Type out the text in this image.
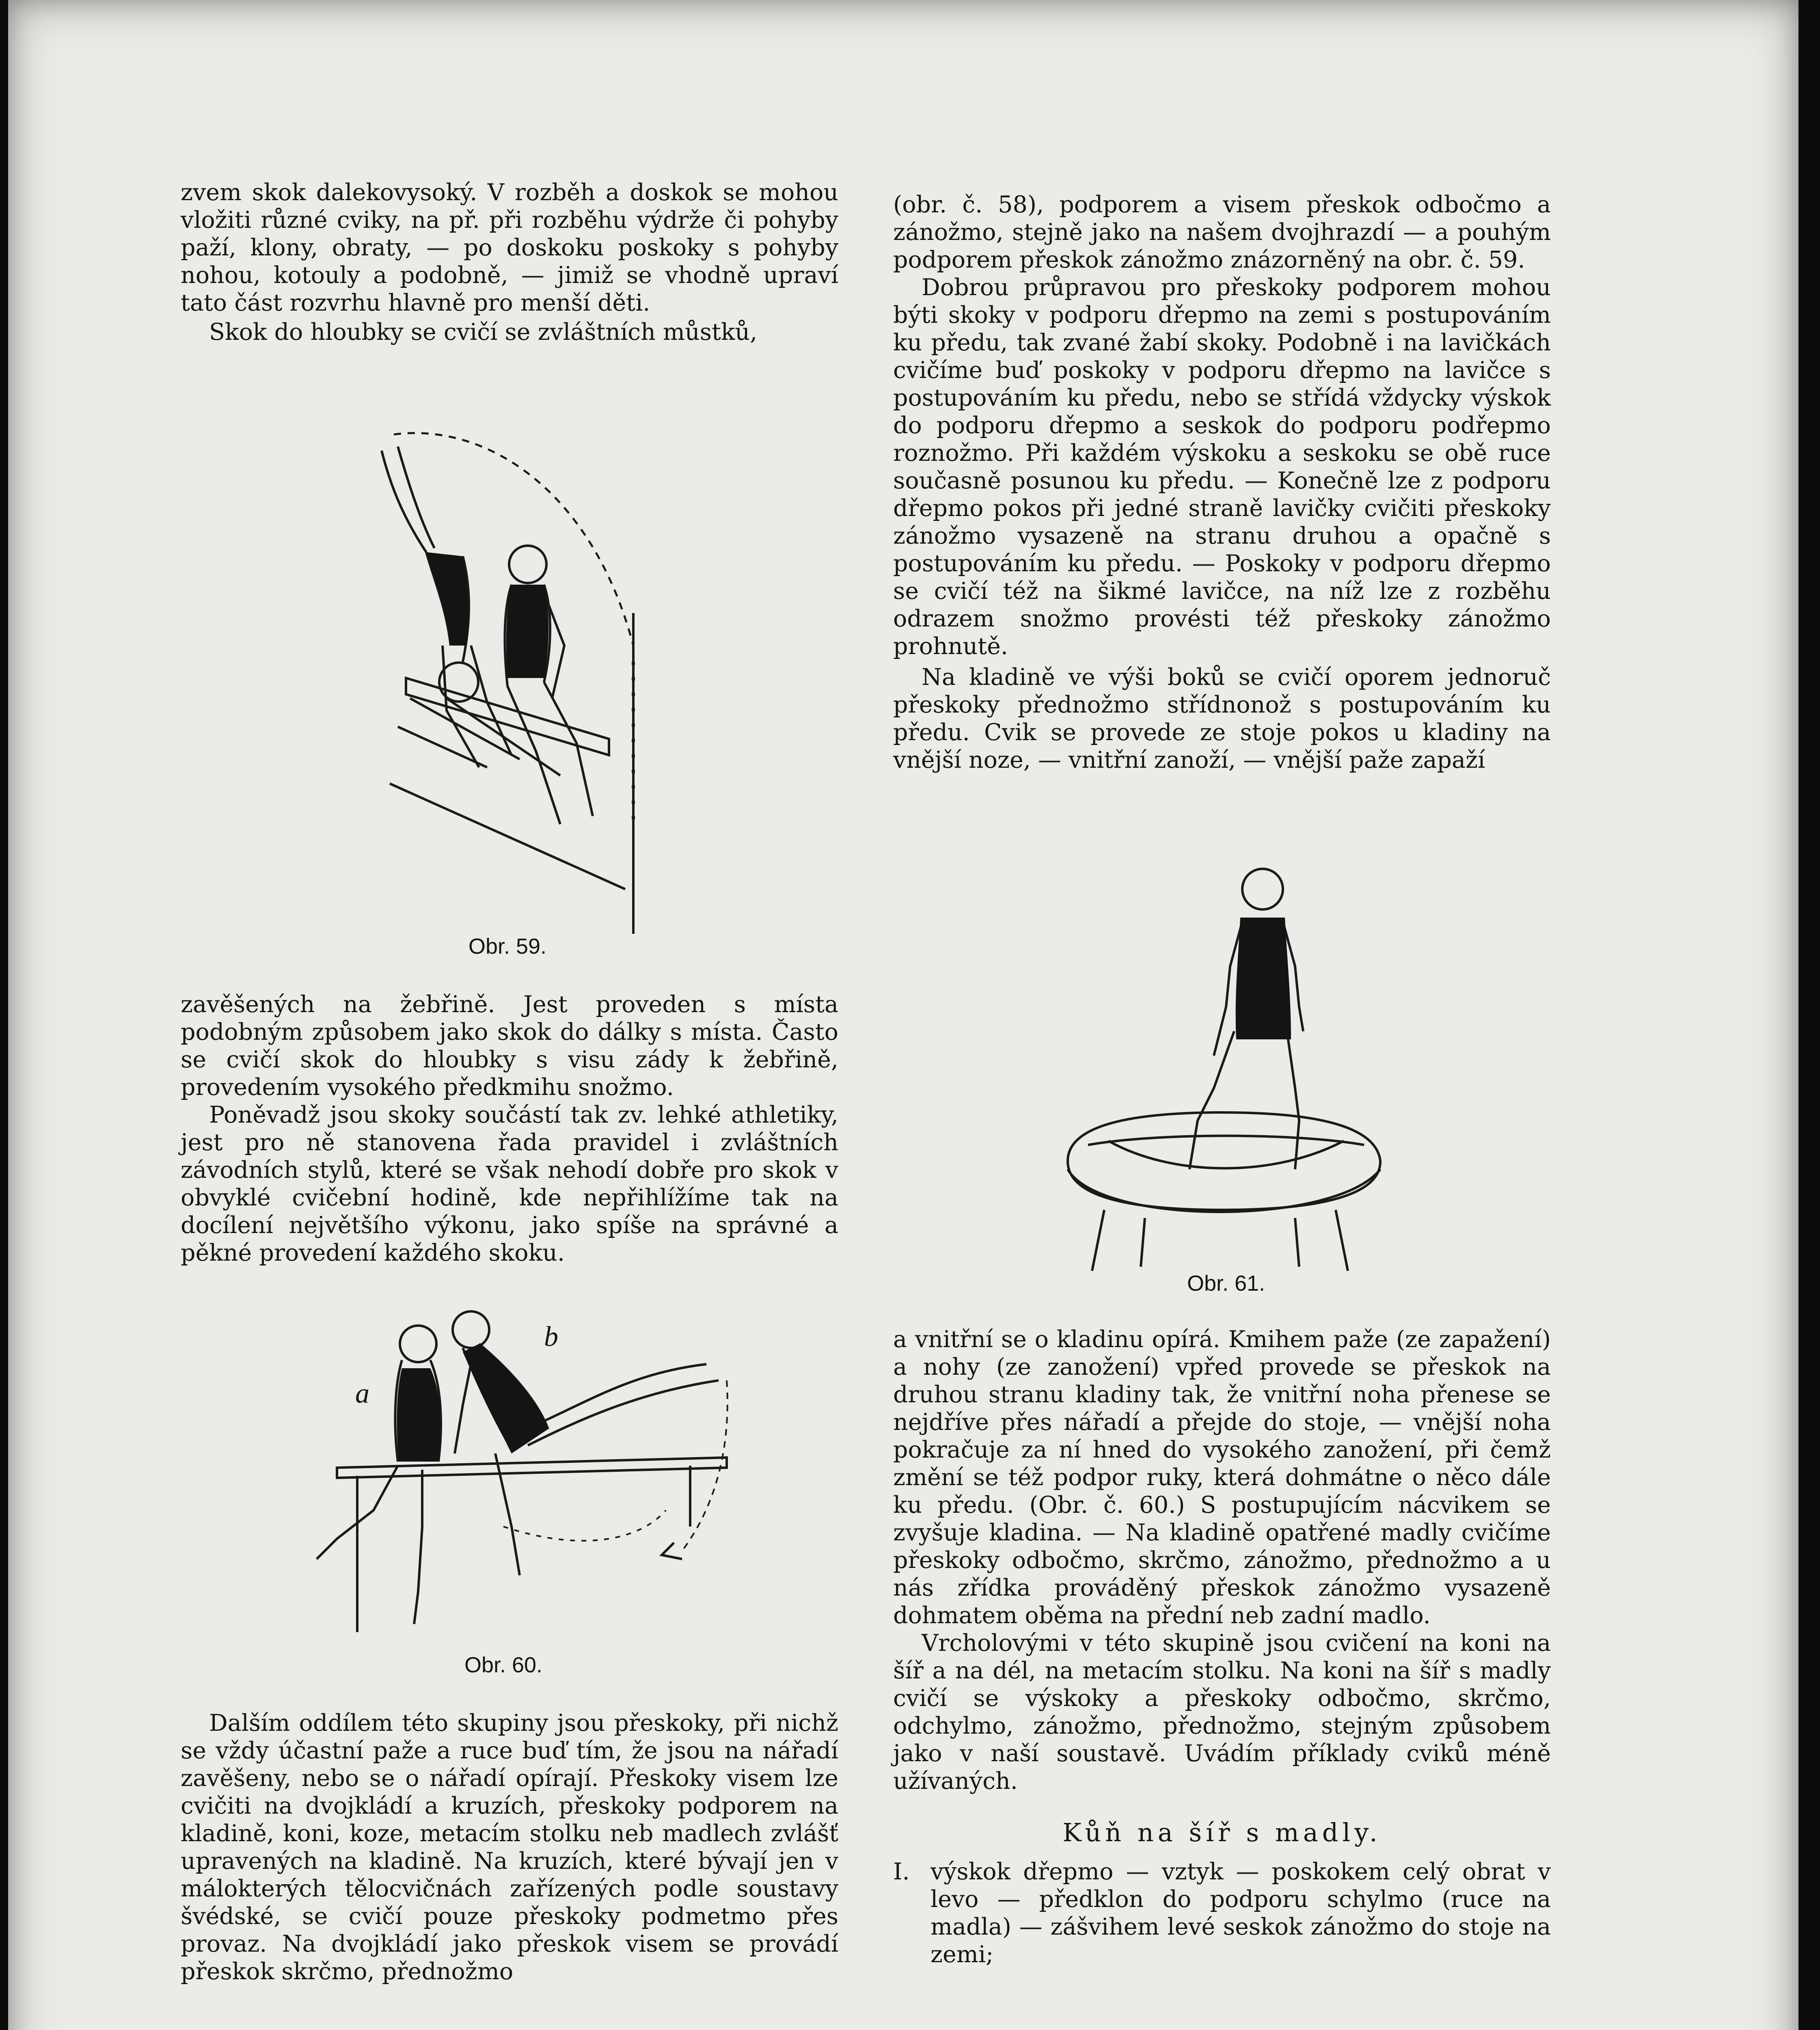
zvem skok dalekovysoký. V rozběh a doskok se mohou vložiti různé cviky, na př. při rozběhu výdrže či pohyby paží, klony, obraty, — po doskoku poskoky s pohyby nohou, kotouly a podobně, — jimiž se vhodně upraví tato část rozvrhu hlavně pro menší děti.

Skok do hloubky se cvičí se zvláštních můstků,

Obr. 59.

zavěšených na žebřině. Jest proveden s místa podobným způsobem jako skok do dálky s místa. Často se cvičí skok do hloubky s visu zády k žebřině, provedením vysokého předkmihu snožmo.

Poněvadž jsou skoky součástí tak zv. lehké athletiky, jest pro ně stanovena řada pravidel i zvláštních závodních stylů, které se však nehodí dobře pro skok v obvyklé cvičební hodině, kde nepřihlížíme tak na docílení největšího výkonu, jako spíše na správné a pěkné provedení každého skoku.

a
b
Obr. 60.

Dalším oddílem této skupiny jsou přeskoky, při nichž se vždy účastní paže a ruce buď tím, že jsou na nářadí zavěšeny, nebo se o nářadí opírají. Přeskoky visem lze cvičiti na dvojkládí a kruzích, přeskoky podporem na kladině, koni, koze, metacím stolku neb madlech zvlášť upravených na kladině. Na kruzích, které bývají jen v málokterých tělocvičnách zařízených podle soustavy švédské, se cvičí pouze přeskoky podmetmo přes provaz. Na dvojkládí jako přeskok visem se provádí přeskok skrčmo, přednožmo

(obr. č. 58), podporem a visem přeskok odbočmo a zánožmo, stejně jako na našem dvojhrazdí — a pouhým podporem přeskok zánožmo znázorněný na obr. č. 59.

Dobrou průpravou pro přeskoky podporem mohou býti skoky v podporu dřepmo na zemi s postupováním ku předu, tak zvané žabí skoky. Podobně i na lavičkách cvičíme buď poskoky v podporu dřepmo na lavičce s postupováním ku předu, nebo se střídá vždycky výskok do podporu dřepmo a seskok do podporu podřepmo roznožmo. Při každém výskoku a seskoku se obě ruce současně posunou ku předu. — Konečně lze z podporu dřepmo pokos při jedné straně lavičky cvičiti přeskoky zánožmo vysazeně na stranu druhou a opačně s postupováním ku předu. — Poskoky v podporu dřepmo se cvičí též na šikmé lavičce, na níž lze z rozběhu odrazem snožmo provésti též přeskoky zánožmo prohnutě.

Na kladině ve výši boků se cvičí oporem jednoruč přeskoky přednožmo střídnonož s postupováním ku předu. Cvik se provede ze stoje pokos u kladiny na vnější noze, — vnitřní zanoží, — vnější paže zapaží

Obr. 61.

a vnitřní se o kladinu opírá. Kmihem paže (ze zapažení) a nohy (ze zanožení) vpřed provede se přeskok na druhou stranu kladiny tak, že vnitřní noha přenese se nejdříve přes nářadí a přejde do stoje, — vnější noha pokračuje za ní hned do vysokého zanožení, při čemž změní se též podpor ruky, která dohmátne o něco dále ku předu. (Obr. č. 60.) S postupujícím nácvikem se zvyšuje kladina. — Na kladině opatřené madly cvičíme přeskoky odbočmo, skrčmo, zánožmo, přednožmo a u nás zřídka prováděný přeskok zánožmo vysazeně dohmatem oběma na přední neb zadní madlo.

Vrcholovými v této skupině jsou cvičení na koni na šíř a na dél, na metacím stolku. Na koni na šíř s madly cvičí se výskoky a přeskoky odbočmo, skrčmo, odchylmo, zánožmo, přednožmo, stejným způsobem jako v naší soustavě. Uvádím příklady cviků méně užívaných.

Kůň na šíř s madly.

I. výskok dřepmo — vztyk — poskokem celý obrat v levo — předklon do podporu schylmo (ruce na madla) — zášvihem levé seskok zánožmo do stoje na zemi;
